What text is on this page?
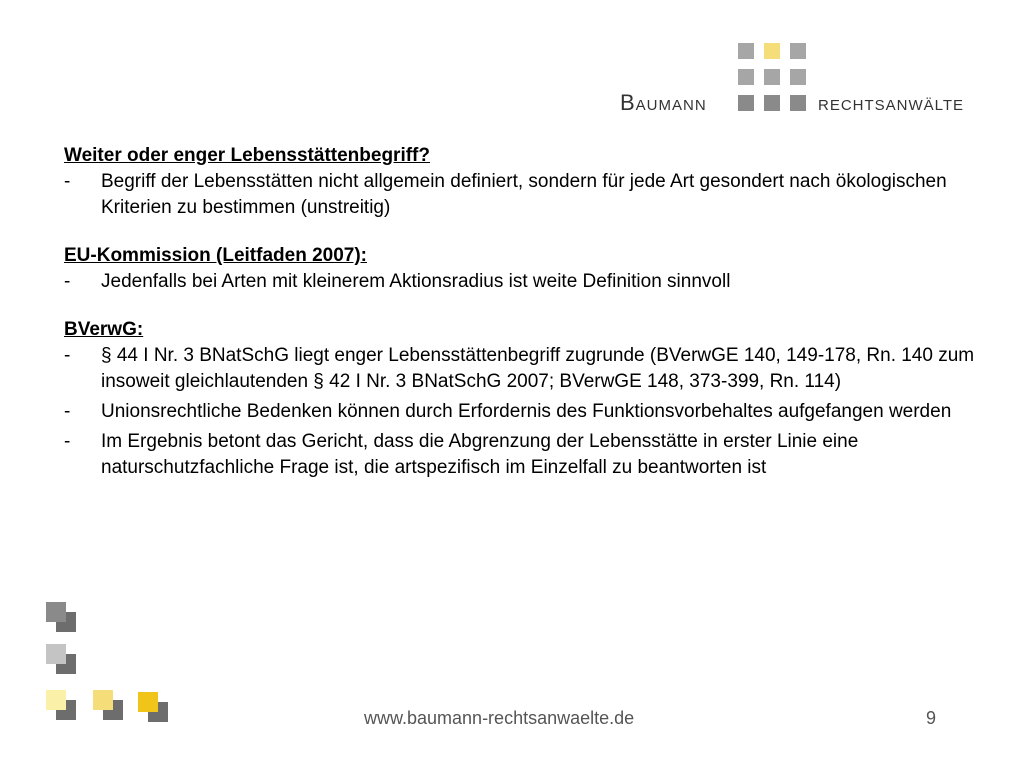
Baumann	rechtsanwälte

Weiter oder enger Lebensstättenbegriff?

-	Begriff der Lebensstätten nicht allgemein definiert, sondern für jede Art gesondert nach ökologischen Kriterien zu bestimmen (unstreitig)

EU-Kommission (Leitfaden 2007):

-	Jedenfalls bei Arten mit kleinerem Aktionsradius ist weite Definition sinnvoll

BVerwG:

-	§ 44 I Nr. 3 BNatSchG liegt enger Lebensstättenbegriff zugrunde (BVerwGE 140, 149-178, Rn. 140 zum insoweit gleichlautenden § 42 I Nr. 3 BNatSchG 2007; BVerwGE 148, 373-399, Rn. 114)
-	Unionsrechtliche Bedenken können durch Erfordernis des Funktionsvorbehaltes aufgefangen werden
-	Im Ergebnis betont das Gericht, dass die Abgrenzung der Lebensstätte in erster Linie eine naturschutzfachliche Frage ist, die artspezifisch im Einzelfall zu beantworten ist
www.baumann-rechtsanwaelte.de	9
